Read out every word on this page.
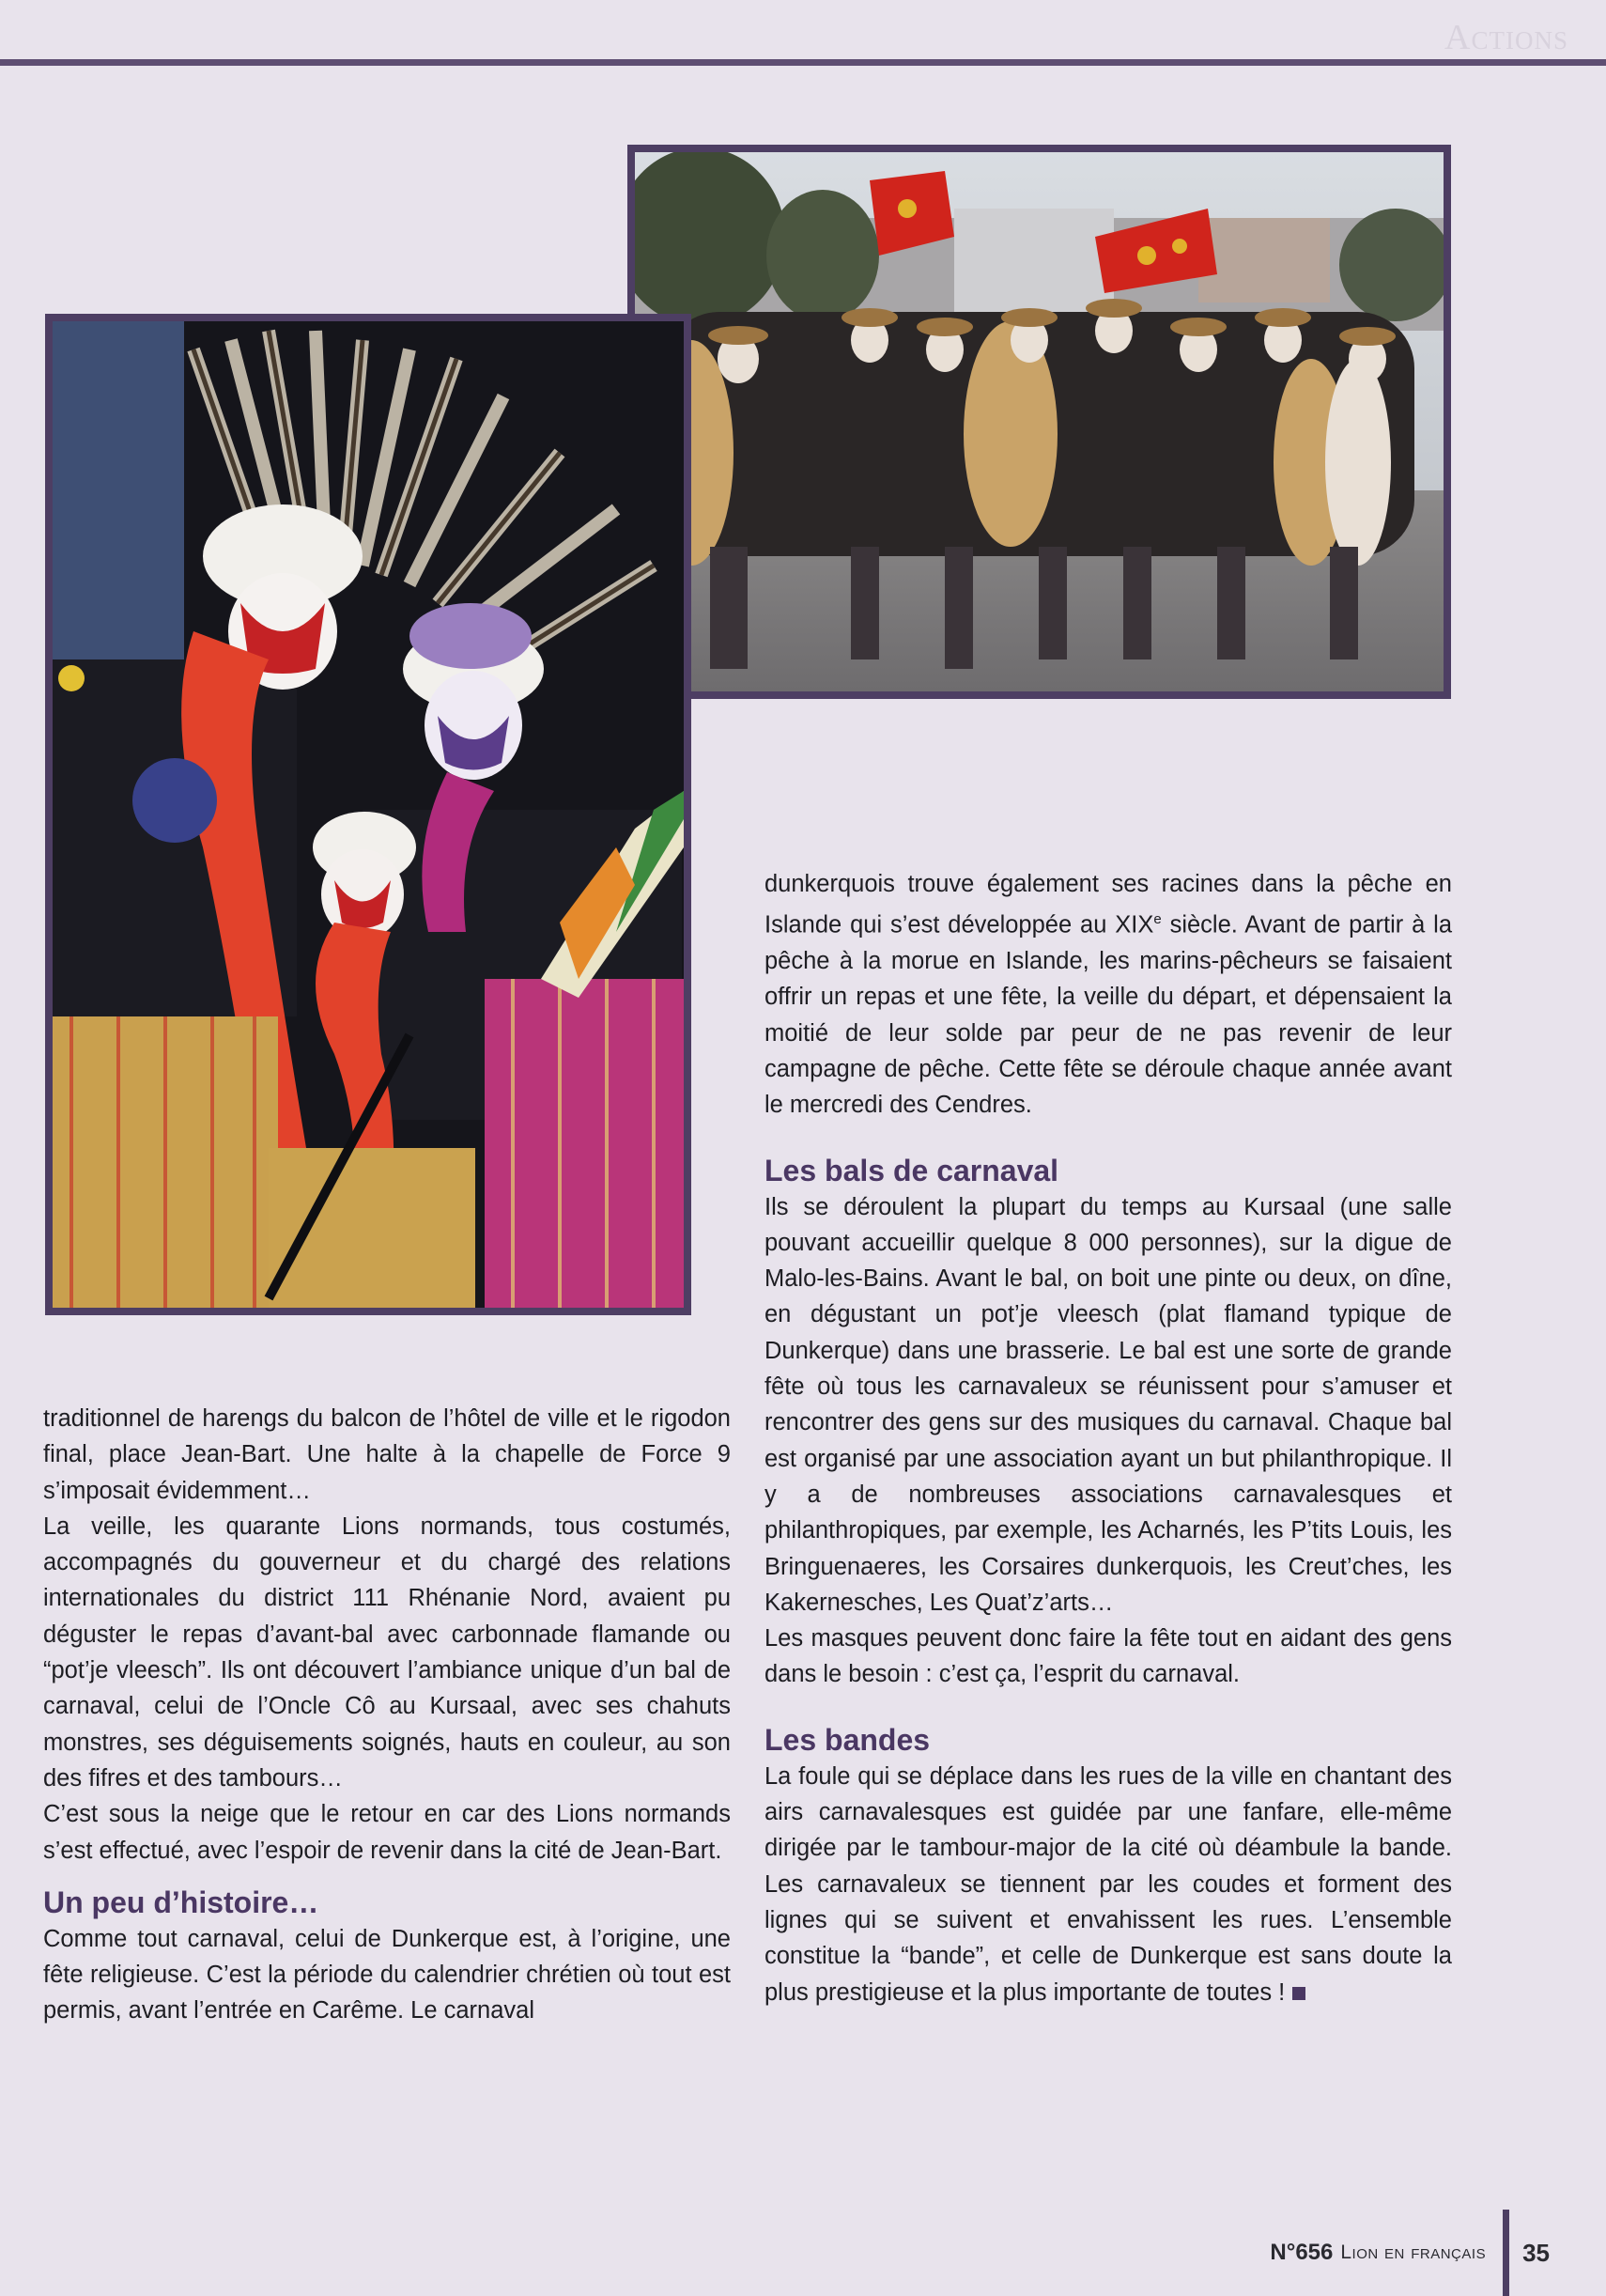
Actions

traditionnel de harengs du balcon de l’hôtel de ville et le rigodon final, place Jean-Bart. Une halte à la chapelle de Force 9 s’imposait évidemment…

La veille, les quarante Lions normands, tous costumés, accompagnés du gouverneur et du chargé des relations internationales du district 111 Rhénanie Nord, avaient pu déguster le repas d’avant-bal avec carbonnade flamande ou “pot’je vleesch”. Ils ont découvert l’ambiance unique d’un bal de carnaval, celui de l’Oncle Cô au Kursaal, avec ses chahuts monstres, ses déguisements soignés, hauts en couleur, au son des fifres et des tambours…

C’est sous la neige que le retour en car des Lions normands s’est effectué, avec l’espoir de revenir dans la cité de Jean-Bart.

Un peu d’histoire…

Comme tout carnaval, celui de Dunkerque est, à l’origine, une fête religieuse. C’est la période du calendrier chrétien où tout est permis, avant l’entrée en Carême. Le carnaval

dunkerquois trouve également ses racines dans la pêche en Islande qui s’est développée au XIXe siècle. Avant de partir à la pêche à la morue en Islande, les marins-pêcheurs se faisaient offrir un repas et une fête, la veille du départ, et dépensaient la moitié de leur solde par peur de ne pas revenir de leur campagne de pêche. Cette fête se déroule chaque année avant le mercredi des Cendres.

Les bals de carnaval

Ils se déroulent la plupart du temps au Kursaal (une salle pouvant accueillir quelque 8 000 personnes), sur la digue de Malo-les-Bains. Avant le bal, on boit une pinte ou deux, on dîne, en dégustant un pot’je vleesch (plat flamand typique de Dunkerque) dans une brasserie. Le bal est une sorte de grande fête où tous les carnavaleux se réunissent pour s’amuser et rencontrer des gens sur des musiques du carnaval. Chaque bal est organisé par une association ayant un but philanthropique. Il y a de nombreuses associations carnavalesques et philanthropiques, par exemple, les Acharnés, les P’tits Louis, les Bringuenaeres, les Corsaires dunkerquois, les Creut’ches, les Kakernesches, Les Quat’z’arts…

Les masques peuvent donc faire la fête tout en aidant des gens dans le besoin : c’est ça, l’esprit du carnaval.

Les bandes

La foule qui se déplace dans les rues de la ville en chantant des airs carnavalesques est guidée par une fanfare, elle-même dirigée par le tambour-major de la cité où déambule la bande. Les carnavaleux se tiennent par les coudes et forment des lignes qui se suivent et envahissent les rues. L’ensemble constitue la “bande”, et celle de Dunkerque est sans doute la plus prestigieuse et la plus importante de toutes !

N°656 Lion en français 35
